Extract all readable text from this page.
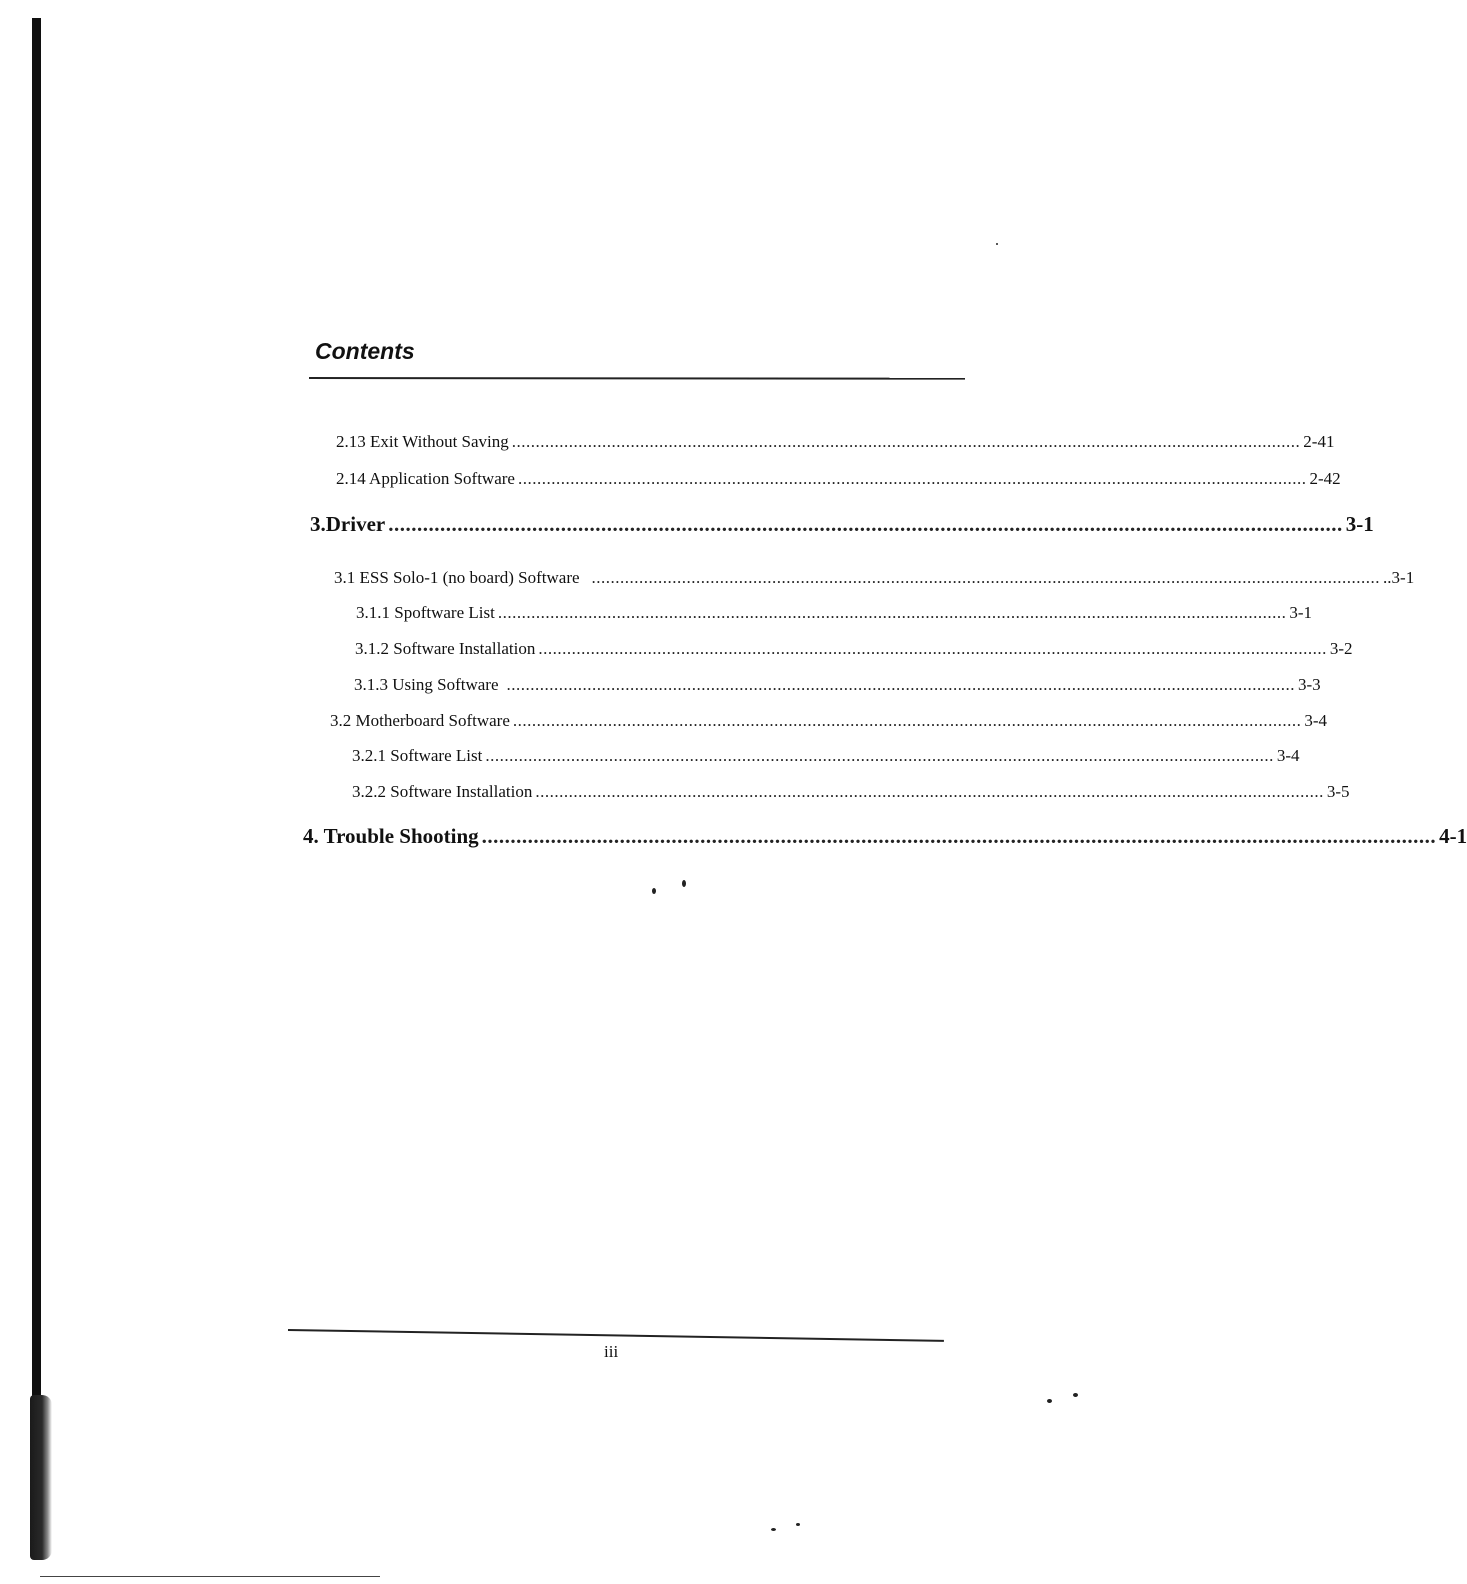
Contents
2.13 Exit Without Saving ...................................................................................................................................................................... 2-41
2.14 Application Software ...................................................................................................................................................................... 2-42
3.Driver ...................................................................................................................................................................... 3-1
3.1 ESS Solo-1 (no board) Software ...................................................................................................................................................................... ..3-1
3.1.1 Spoftware List ...................................................................................................................................................................... 3-1
3.1.2 Software Installation ...................................................................................................................................................................... 3-2
3.1.3 Using Software ...................................................................................................................................................................... 3-3
3.2 Motherboard Software ...................................................................................................................................................................... 3-4
3.2.1 Software List ...................................................................................................................................................................... 3-4
3.2.2 Software Installation ...................................................................................................................................................................... 3-5
4. Trouble Shooting ...................................................................................................................................................................... 4-1
iii
